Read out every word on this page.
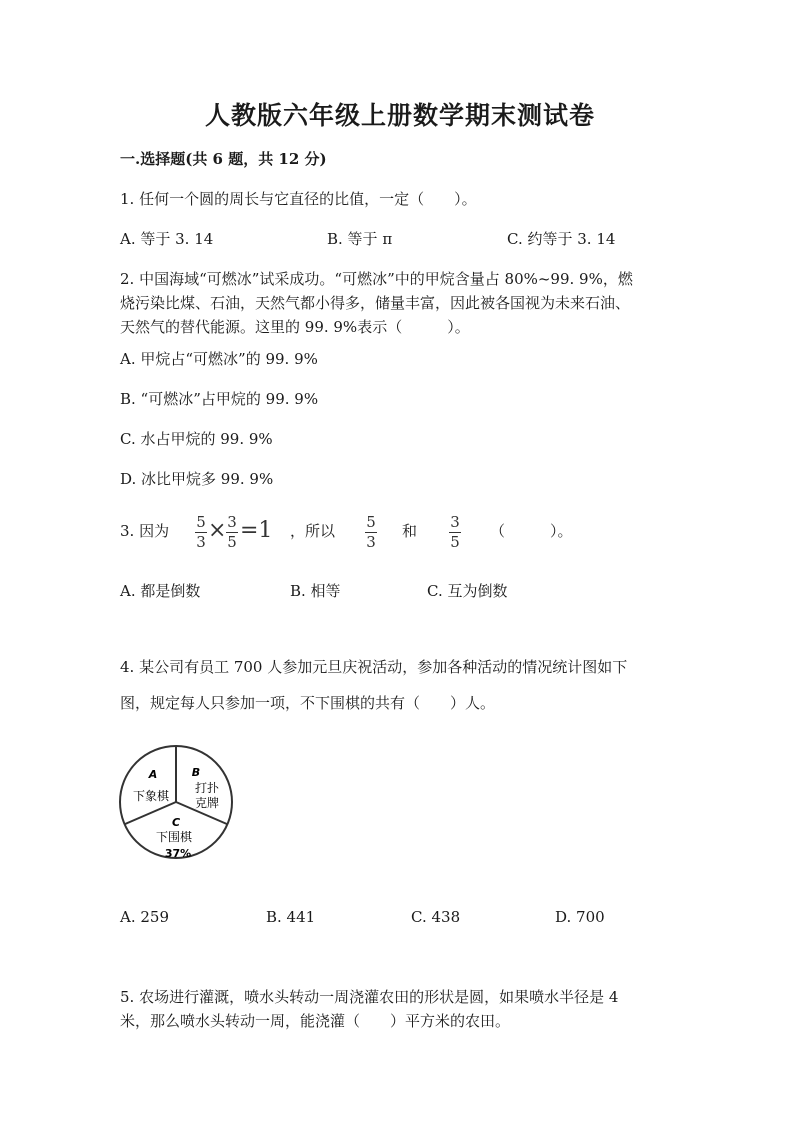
人教版六年级上册数学期末测试卷
一.选择题(共 6 题，共 12 分)
1. 任何一个圆的周长与它直径的比值，一定（　　）。
A. 等于 3. 14	B. 等于 π	C. 约等于 3. 14
2. 中国海域“可燃冰”试采成功。“可燃冰”中的甲烷含量占 80%~99. 9%，燃
烧污染比煤、石油，天然气都小得多，储量丰富，因此被各国视为未来石油、
天然气的替代能源。这里的 99. 9%表示（　　　）。
A. 甲烷占“可燃冰”的 99. 9%
B. “可燃冰”占甲烷的 99. 9%
C. 水占甲烷的 99. 9%
D. 冰比甲烷多 99. 9%
3. 因为 5
3 × 3
5 =1 ，所以 5
3
和 3
5
（　　　）。
A. 都是倒数	B. 相等	C. 互为倒数
4. 某公司有员工 700 人参加元旦庆祝活动，参加各种活动的情况统计图如下
图，规定每人只参加一项，不下围棋的共有（　　）人。
A
下象棋
B
打扑
克牌
C
下围棋
37%
A. 259	B. 441	C. 438	D. 700
5. 农场进行灌溉，喷水头转动一周浇灌农田的形状是圆，如果喷水半径是 4
米，那么喷水头转动一周，能浇灌（　　）平方米的农田。
